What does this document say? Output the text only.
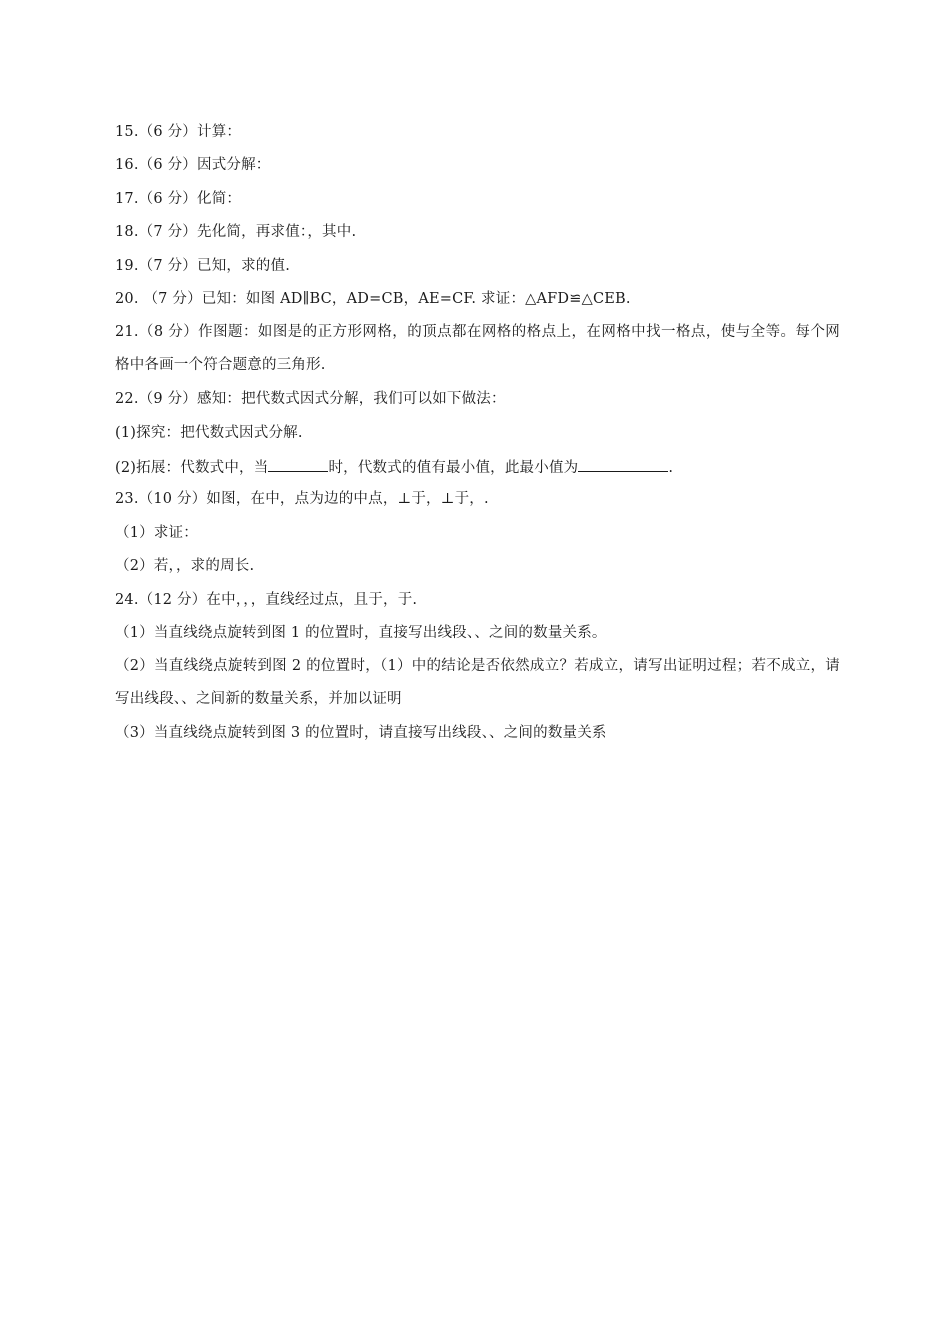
15.（6 分）计算：
16.（6 分）因式分解：
17.（6 分）化简：
18.（7 分）先化简，再求值：，其中.
19.（7 分）已知，求的值.
20. （7 分）已知：如图 AD∥BC，AD=CB，AE=CF. 求证：△AFD≌△CEB.
21.（8 分）作图题：如图是的正方形网格，的顶点都在网格的格点上，在网格中找一格点，使与全等。每个网格中各画一个符合题意的三角形.
22.（9 分）感知：把代数式因式分解，我们可以如下做法：
(1)探究：把代数式因式分解.
(2)拓展：代数式中，当	时，代数式的值有最小值，此最小值为	.
23.（10 分）如图，在中，点为边的中点，⊥于，⊥于，.
（1）求证：
（2）若，，求的周长.
24.（12 分）在中，，，直线经过点，且于，于.
（1）当直线绕点旋转到图 1 的位置时，直接写出线段、、之间的数量关系。
（2）当直线绕点旋转到图 2 的位置时，（1）中的结论是否依然成立？若成立，请写出证明过程；若不成立，请写出线段、、之间新的数量关系，并加以证明
（3）当直线绕点旋转到图 3 的位置时，请直接写出线段、、之间的数量关系
